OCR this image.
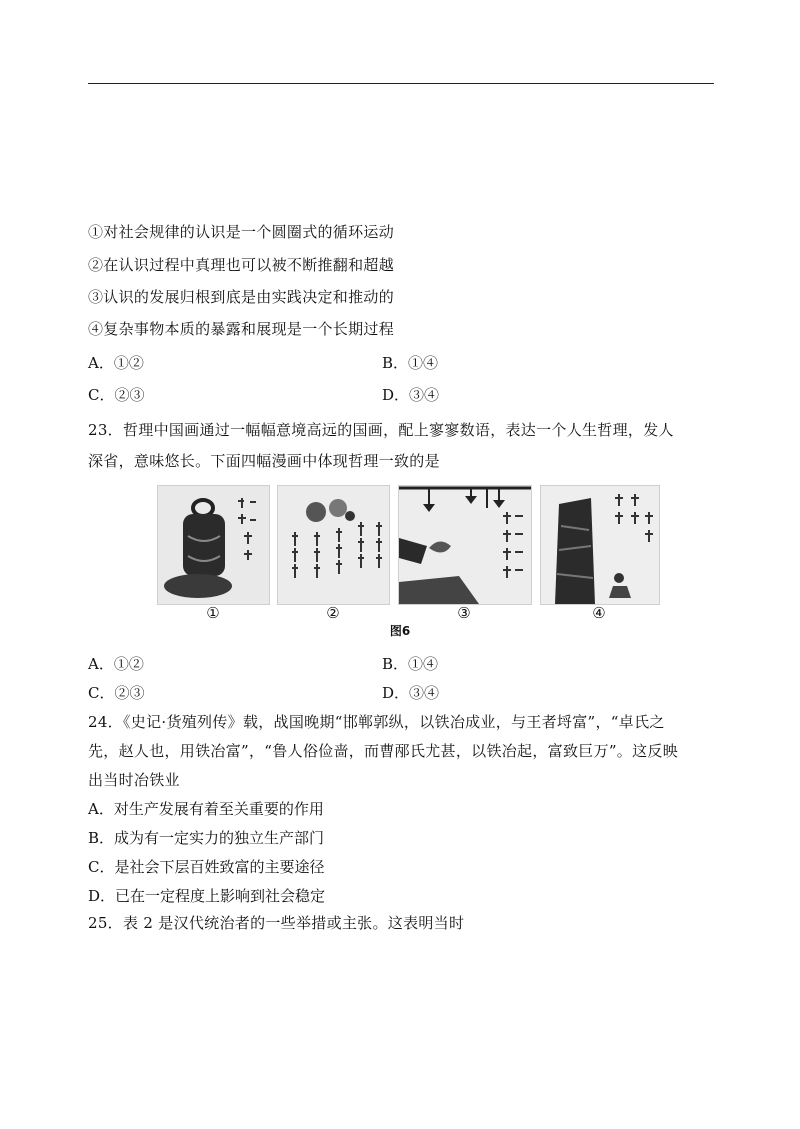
①对社会规律的认识是一个圆圈式的循环运动
②在认识过程中真理也可以被不断推翻和超越
③认识的发展归根到底是由实践决定和推动的
④复杂事物本质的暴露和展现是一个长期过程
A．①②	B．①④
C．②③	D．③④
23．哲理中国画通过一幅幅意境高远的国画，配上寥寥数语，表达一个人生哲理，发人
深省，意味悠长。下面四幅漫画中体现哲理一致的是
①	②	③	④
图6
A．①②	B．①④
C．②③	D．③④
24．《史记·货殖列传》载，战国晚期“邯郸郭纵，以铁冶成业，与王者埒富”，“卓氏之
先，赵人也，用铁冶富”，“鲁人俗俭啬，而曹邴氏尤甚，以铁冶起，富致巨万”。这反映
出当时冶铁业
A．对生产发展有着至关重要的作用
B．成为有一定实力的独立生产部门
C．是社会下层百姓致富的主要途径
D．已在一定程度上影响到社会稳定
25．表 2 是汉代统治者的一些举措或主张。这表明当时
